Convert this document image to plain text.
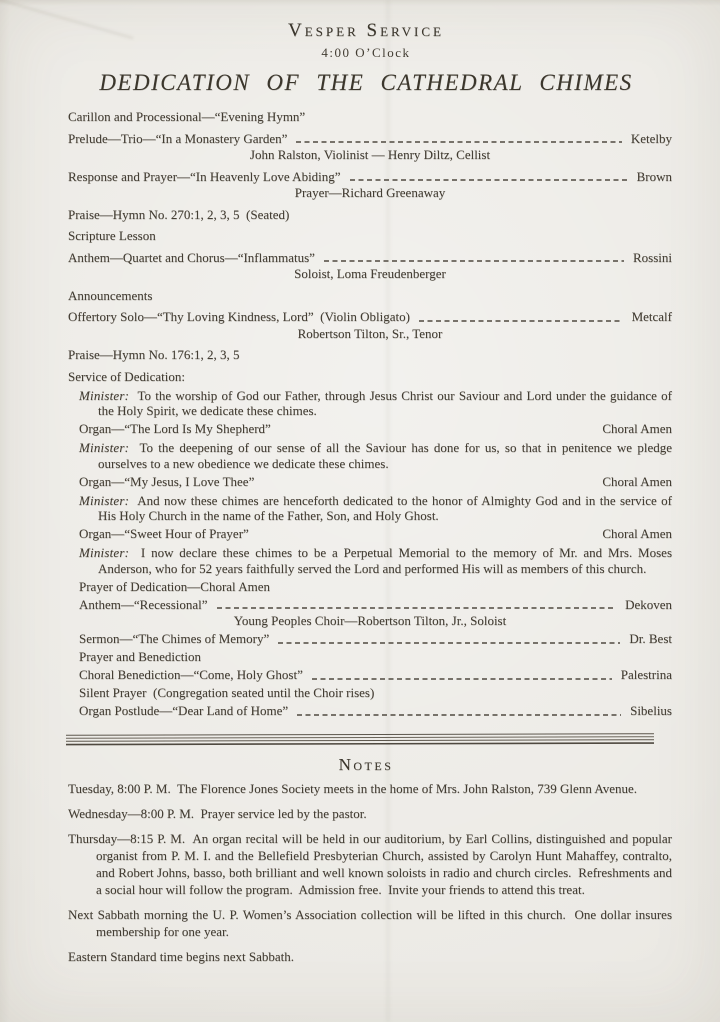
Vesper Service
4:00 O’Clock
DEDICATION OF THE CATHEDRAL CHIMES
Carillon and Processional—“Evening Hymn”
Prelude—Trio—“In a Monastery Garden”	Ketelby
John Ralston, Violinist — Henry Diltz, Cellist
Response and Prayer—“In Heavenly Love Abiding”	Brown
Prayer—Richard Greenaway
Praise—Hymn No. 270:1, 2, 3, 5  (Seated)
Scripture Lesson
Anthem—Quartet and Chorus—“Inflammatus”	Rossini
Soloist, Loma Freudenberger
Announcements
Offertory Solo—“Thy Loving Kindness, Lord”  (Violin Obligato)	Metcalf
Robertson Tilton, Sr., Tenor
Praise—Hymn No. 176:1, 2, 3, 5
Service of Dedication:

Minister: To the worship of God our Father, through Jesus Christ our Saviour and Lord under the guidance of the Holy Spirit, we dedicate these chimes.

Organ—“The Lord Is My Shepherd”	Choral Amen

Minister: To the deepening of our sense of all the Saviour has done for us, so that in penitence we pledge ourselves to a new obedience we dedicate these chimes.

Organ—“My Jesus, I Love Thee”	Choral Amen

Minister: And now these chimes are henceforth dedicated to the honor of Almighty God and in the service of His Holy Church in the name of the Father, Son, and Holy Ghost.

Organ—“Sweet Hour of Prayer”	Choral Amen

Minister: I now declare these chimes to be a Perpetual Memorial to the memory of Mr. and Mrs. Moses Anderson, who for 52 years faithfully served the Lord and performed His will as members of this church.

Prayer of Dedication—Choral Amen
Anthem—“Recessional”	Dekoven
Young Peoples Choir—Robertson Tilton, Jr., Soloist
Sermon—“The Chimes of Memory”	Dr. Best
Prayer and Benediction
Choral Benediction—“Come, Holy Ghost”	Palestrina
Silent Prayer  (Congregation seated until the Choir rises)
Organ Postlude—“Dear Land of Home”	Sibelius
Notes

Tuesday, 8:00 P. M.  The Florence Jones Society meets in the home of Mrs. John Ralston, 739 Glenn Avenue.

Wednesday—8:00 P. M.  Prayer service led by the pastor.

Thursday—8:15 P. M.  An organ recital will be held in our auditorium, by Earl Collins, distinguished and popular organist from P. M. I. and the Bellefield Presbyterian Church, assisted by Carolyn Hunt Mahaffey, contralto, and Robert Johns, basso, both brilliant and well known soloists in radio and church circles.  Refreshments and a social hour will follow the program.  Admission free.  Invite your friends to attend this treat.

Next Sabbath morning the U. P. Women’s Association collection will be lifted in this church.  One dollar insures membership for one year.

Eastern Standard time begins next Sabbath.
